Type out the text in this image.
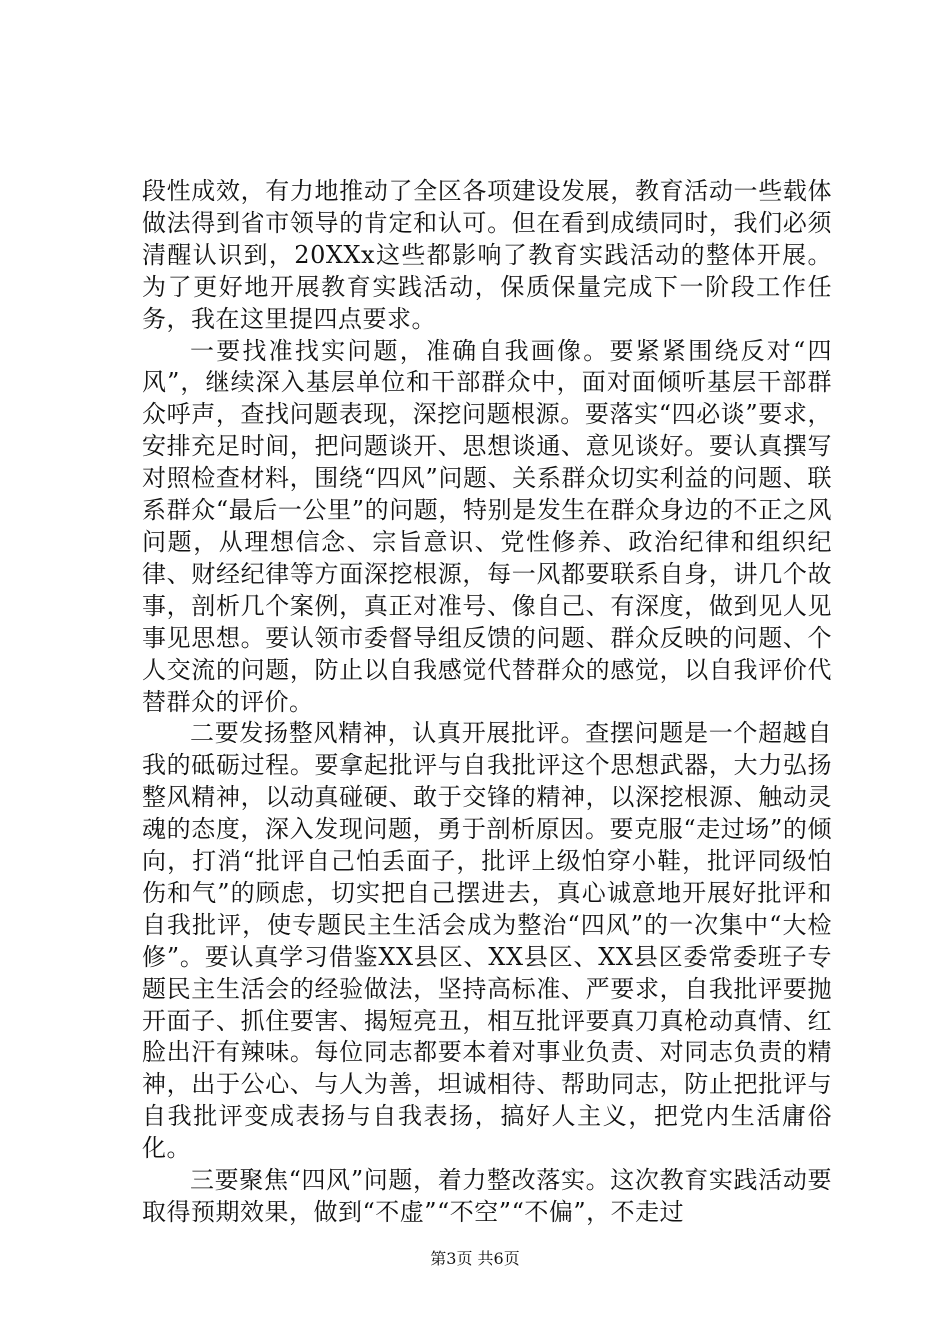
段性成效，有力地推动了全区各项建设发展，教育活动一些载体做法得到省市领导的肯定和认可。但在看到成绩同时，我们必须清醒认识到，20XXx这些都影响了教育实践活动的整体开展。为了更好地开展教育实践活动，保质保量完成下一阶段工作任务，我在这里提四点要求。

一要找准找实问题，准确自我画像。要紧紧围绕反对“四风”，继续深入基层单位和干部群众中，面对面倾听基层干部群众呼声，查找问题表现，深挖问题根源。要落实“四必谈”要求，安排充足时间，把问题谈开、思想谈通、意见谈好。要认真撰写对照检查材料，围绕“四风”问题、关系群众切实利益的问题、联系群众“最后一公里”的问题，特别是发生在群众身边的不正之风问题，从理想信念、宗旨意识、党性修养、政治纪律和组织纪律、财经纪律等方面深挖根源，每一风都要联系自身，讲几个故事，剖析几个案例，真正对准号、像自己、有深度，做到见人见事见思想。要认领市委督导组反馈的问题、群众反映的问题、个人交流的问题，防止以自我感觉代替群众的感觉，以自我评价代替群众的评价。

二要发扬整风精神，认真开展批评。查摆问题是一个超越自我的砥砺过程。要拿起批评与自我批评这个思想武器，大力弘扬整风精神，以动真碰硬、敢于交锋的精神，以深挖根源、触动灵魂的态度，深入发现问题，勇于剖析原因。要克服“走过场”的倾向，打消“批评自己怕丢面子，批评上级怕穿小鞋，批评同级怕伤和气”的顾虑，切实把自己摆进去，真心诚意地开展好批评和自我批评，使专题民主生活会成为整治“四风”的一次集中“大检修”。要认真学习借鉴XX县区、XX县区、XX县区委常委班子专题民主生活会的经验做法，坚持高标准、严要求，自我批评要抛开面子、抓住要害、揭短亮丑，相互批评要真刀真枪动真情、红脸出汗有辣味。每位同志都要本着对事业负责、对同志负责的精神，出于公心、与人为善，坦诚相待、帮助同志，防止把批评与自我批评变成表扬与自我表扬，搞好人主义，把党内生活庸俗化。

三要聚焦“四风”问题，着力整改落实。这次教育实践活动要取得预期效果，做到“不虚”“不空”“不偏”，不走过

第3页 共6页
